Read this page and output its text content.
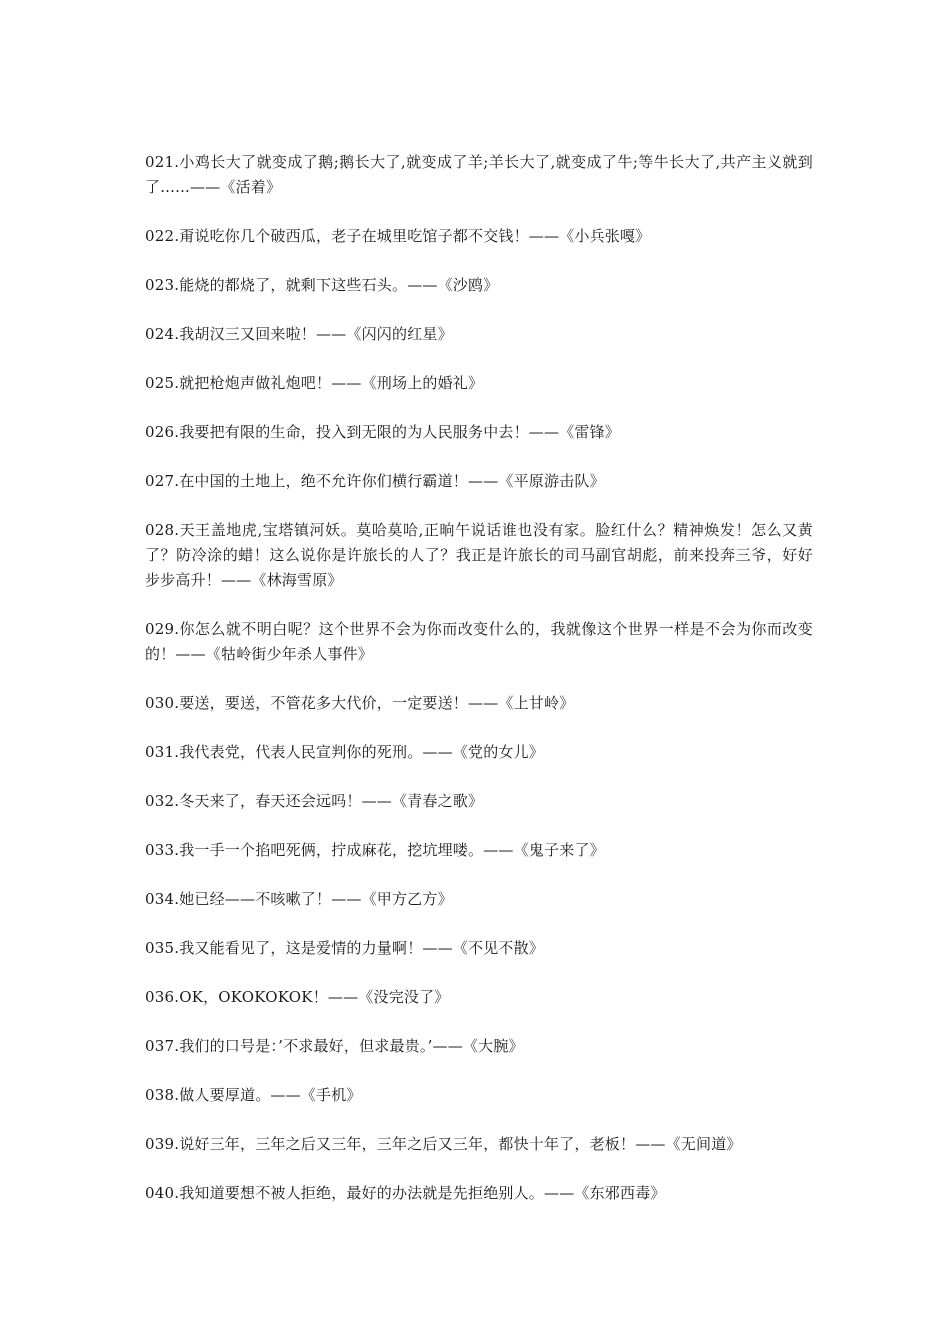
021.小鸡长大了就变成了鹅;鹅长大了,就变成了羊;羊长大了,就变成了牛;等牛长大了,共产主义就到了......——《活着》
022.甭说吃你几个破西瓜，老子在城里吃馆子都不交钱！——《小兵张嘎》
023.能烧的都烧了，就剩下这些石头。——《沙鸥》
024.我胡汉三又回来啦！——《闪闪的红星》
025.就把枪炮声做礼炮吧！——《刑场上的婚礼》
026.我要把有限的生命，投入到无限的为人民服务中去！——《雷锋》
027.在中国的土地上，绝不允许你们横行霸道！——《平原游击队》
028.天王盖地虎,宝塔镇河妖。莫哈莫哈,正晌午说话谁也没有家。脸红什么？精神焕发！怎么又黄了？防冷涂的蜡！这么说你是许旅长的人了？我正是许旅长的司马副官胡彪，前来投奔三爷，好好步步高升！——《林海雪原》
029.你怎么就不明白呢？这个世界不会为你而改变什么的，我就像这个世界一样是不会为你而改变的！——《牯岭街少年杀人事件》
030.要送，要送，不管花多大代价，一定要送！——《上甘岭》
031.我代表党，代表人民宣判你的死刑。——《党的女儿》
032.冬天来了，春天还会远吗！——《青春之歌》
033.我一手一个掐吧死俩，拧成麻花，挖坑埋喽。——《鬼子来了》
034.她已经——不咳嗽了！——《甲方乙方》
035.我又能看见了，这是爱情的力量啊！——《不见不散》
036.OK，OKOKOKOK！——《没完没了》
037.我们的口号是：’不求最好，但求最贵。’——《大腕》
038.做人要厚道。——《手机》
039.说好三年，三年之后又三年，三年之后又三年，都快十年了，老板！——《无间道》
040.我知道要想不被人拒绝，最好的办法就是先拒绝别人。——《东邪西毒》
